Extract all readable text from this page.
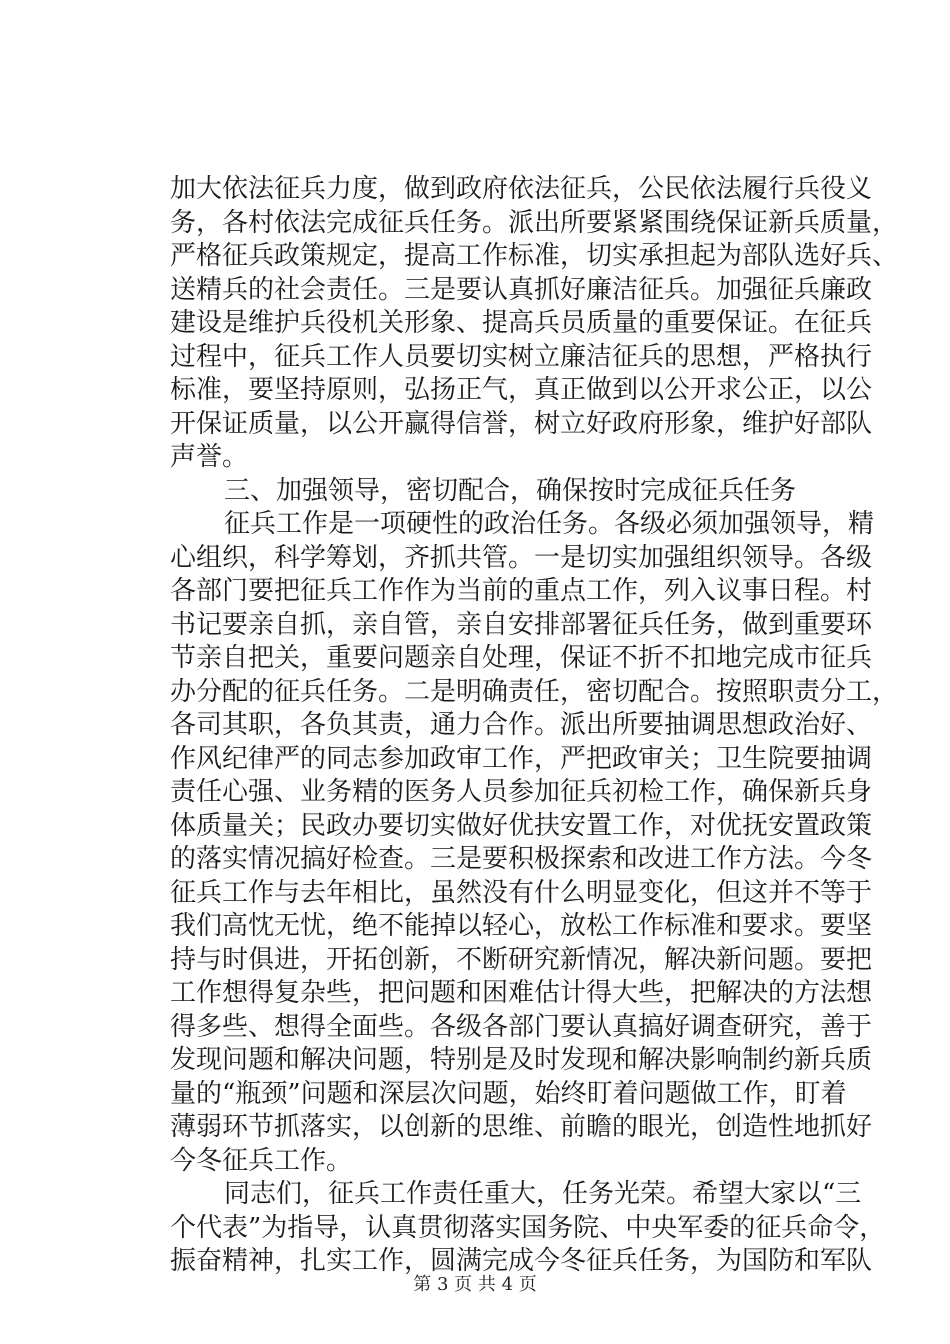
加大依法征兵力度，做到政府依法征兵，公民依法履行兵役义
务，各村依法完成征兵任务。派出所要紧紧围绕保证新兵质量，
严格征兵政策规定，提高工作标准，切实承担起为部队选好兵、
送精兵的社会责任。三是要认真抓好廉洁征兵。加强征兵廉政
建设是维护兵役机关形象、提高兵员质量的重要保证。在征兵
过程中，征兵工作人员要切实树立廉洁征兵的思想，严格执行
标准，要坚持原则，弘扬正气，真正做到以公开求公正，以公
开保证质量，以公开赢得信誉，树立好政府形象，维护好部队
声誉。
三、加强领导，密切配合，确保按时完成征兵任务
征兵工作是一项硬性的政治任务。各级必须加强领导，精
心组织，科学筹划，齐抓共管。一是切实加强组织领导。各级
各部门要把征兵工作作为当前的重点工作，列入议事日程。村
书记要亲自抓，亲自管，亲自安排部署征兵任务，做到重要环
节亲自把关，重要问题亲自处理，保证不折不扣地完成市征兵
办分配的征兵任务。二是明确责任，密切配合。按照职责分工，
各司其职，各负其责，通力合作。派出所要抽调思想政治好、
作风纪律严的同志参加政审工作，严把政审关；卫生院要抽调
责任心强、业务精的医务人员参加征兵初检工作，确保新兵身
体质量关；民政办要切实做好优扶安置工作，对优抚安置政策
的落实情况搞好检查。三是要积极探索和改进工作方法。今冬
征兵工作与去年相比，虽然没有什么明显变化，但这并不等于
我们高忱无忧，绝不能掉以轻心，放松工作标准和要求。要坚
持与时俱进，开拓创新，不断研究新情况，解决新问题。要把
工作想得复杂些，把问题和困难估计得大些，把解决的方法想
得多些、想得全面些。各级各部门要认真搞好调查研究，善于
发现问题和解决问题，特别是及时发现和解决影响制约新兵质
量的“瓶颈”问题和深层次问题，始终盯着问题做工作，盯着
薄弱环节抓落实，以创新的思维、前瞻的眼光，创造性地抓好
今冬征兵工作。
同志们，征兵工作责任重大，任务光荣。希望大家以“三
个代表”为指导，认真贯彻落实国务院、中央军委的征兵命令，
振奋精神，扎实工作，圆满完成今冬征兵任务，为国防和军队
第 3 页 共 4 页
